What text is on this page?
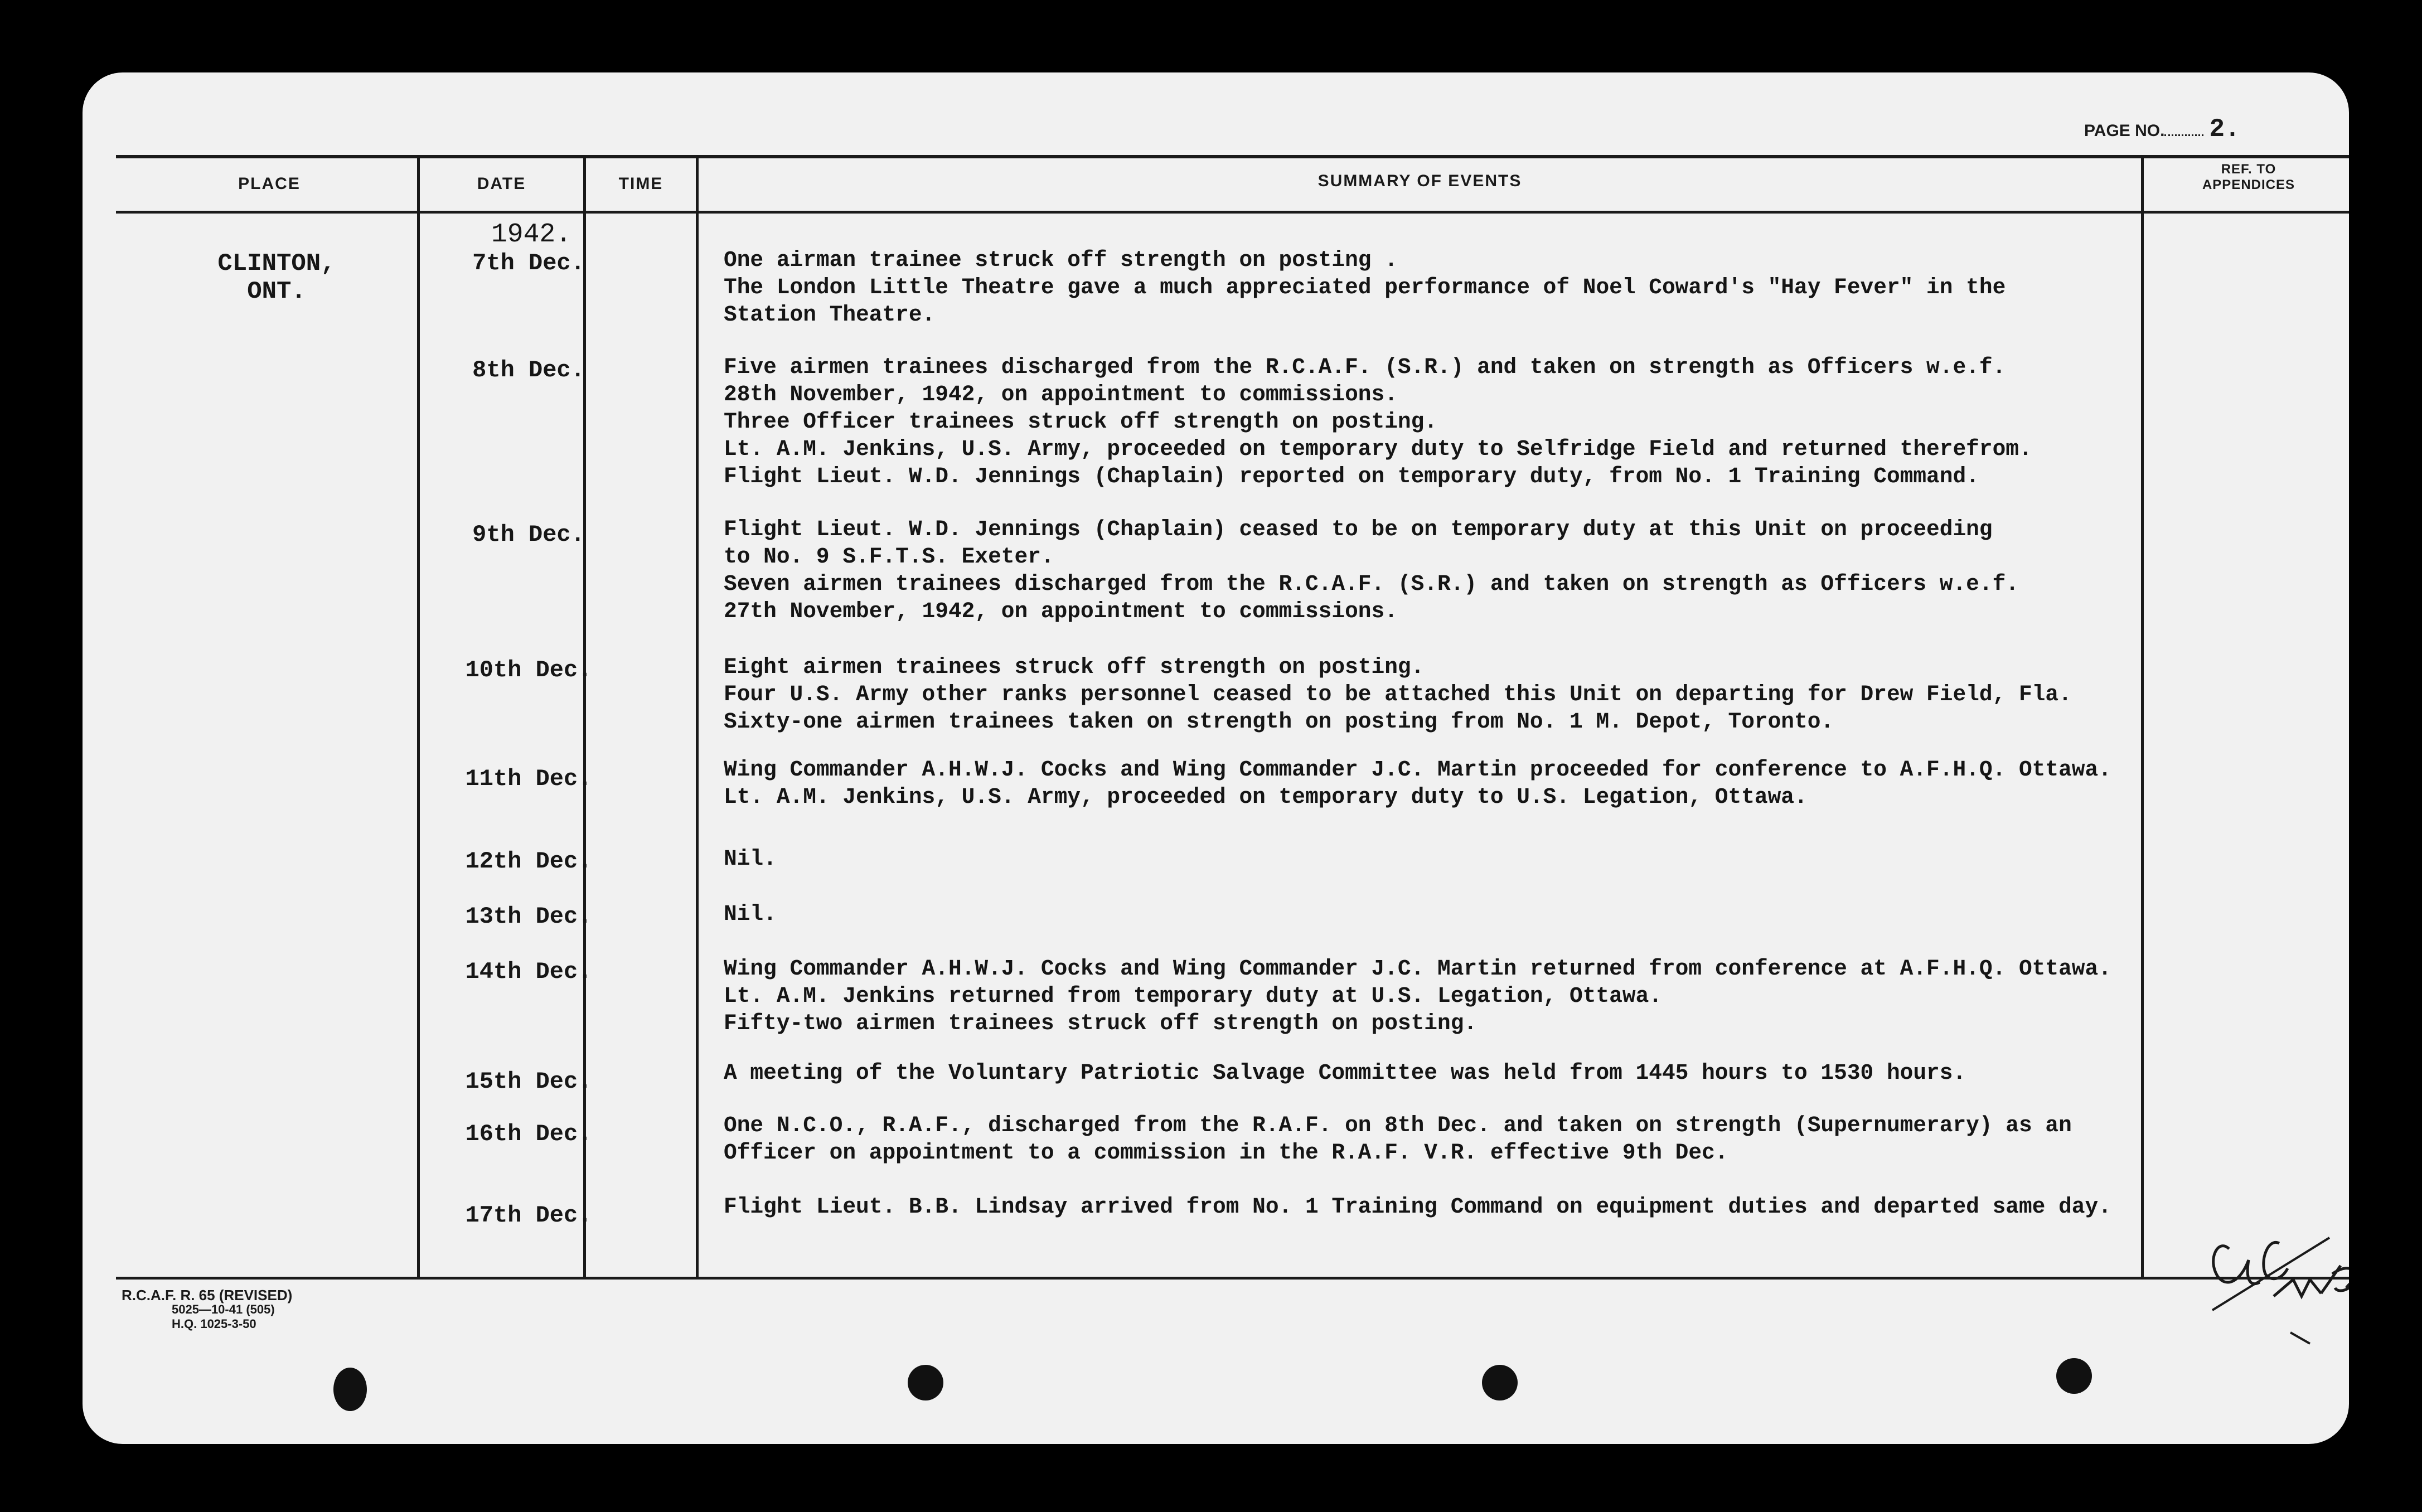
PAGE NO. 2.
PLACE	DATE	TIME	SUMMARY OF EVENTS
REF. TO APPENDICES
CLINTON, ONT.
1942.
7th Dec.	One airman trainee struck off strength on posting .
The London Little Theatre gave a much appreciated performance of Noel Coward's "Hay Fever" in the
Station Theatre.
8th Dec.	Five airmen trainees discharged from the R.C.A.F. (S.R.) and taken on strength as Officers w.e.f.
28th November, 1942, on appointment to commissions.
Three Officer trainees struck off strength on posting.
Lt. A.M. Jenkins, U.S. Army, proceeded on temporary duty to Selfridge Field and returned therefrom.
Flight Lieut. W.D. Jennings (Chaplain) reported on temporary duty, from No. 1 Training Command.
9th Dec.	Flight Lieut. W.D. Jennings (Chaplain) ceased to be on temporary duty at this Unit on proceeding
to No. 9 S.F.T.S. Exeter.
Seven airmen trainees discharged from the R.C.A.F. (S.R.) and taken on strength as Officers w.e.f.
27th November, 1942, on appointment to commissions.
10th Dec.	Eight airmen trainees struck off strength on posting.
Four U.S. Army other ranks personnel ceased to be attached this Unit on departing for Drew Field, Fla.
Sixty-one airmen trainees taken on strength on posting from No. 1 M. Depot, Toronto.
11th Dec.	Wing Commander A.H.W.J. Cocks and Wing Commander J.C. Martin proceeded for conference to A.F.H.Q. Ottawa.
Lt. A.M. Jenkins, U.S. Army, proceeded on temporary duty to U.S. Legation, Ottawa.
12th Dec.	Nil.
13th Dec.	Nil.
14th Dec.	Wing Commander A.H.W.J. Cocks and Wing Commander J.C. Martin returned from conference at A.F.H.Q. Ottawa.
Lt. A.M. Jenkins returned from temporary duty at U.S. Legation, Ottawa.
Fifty-two airmen trainees struck off strength on posting.
15th Dec.	A meeting of the Voluntary Patriotic Salvage Committee was held from 1445 hours to 1530 hours.
16th Dec.	One N.C.O., R.A.F., discharged from the R.A.F. on 8th Dec. and taken on strength (Supernumerary) as an
Officer on appointment to a commission in the R.A.F. V.R. effective 9th Dec.
17th Dec.	Flight Lieut. B.B. Lindsay arrived from No. 1 Training Command on equipment duties and departed same day.
R.C.A.F. R. 65 (REVISED)
5025—10-41 (505)
H.Q. 1025-3-50
